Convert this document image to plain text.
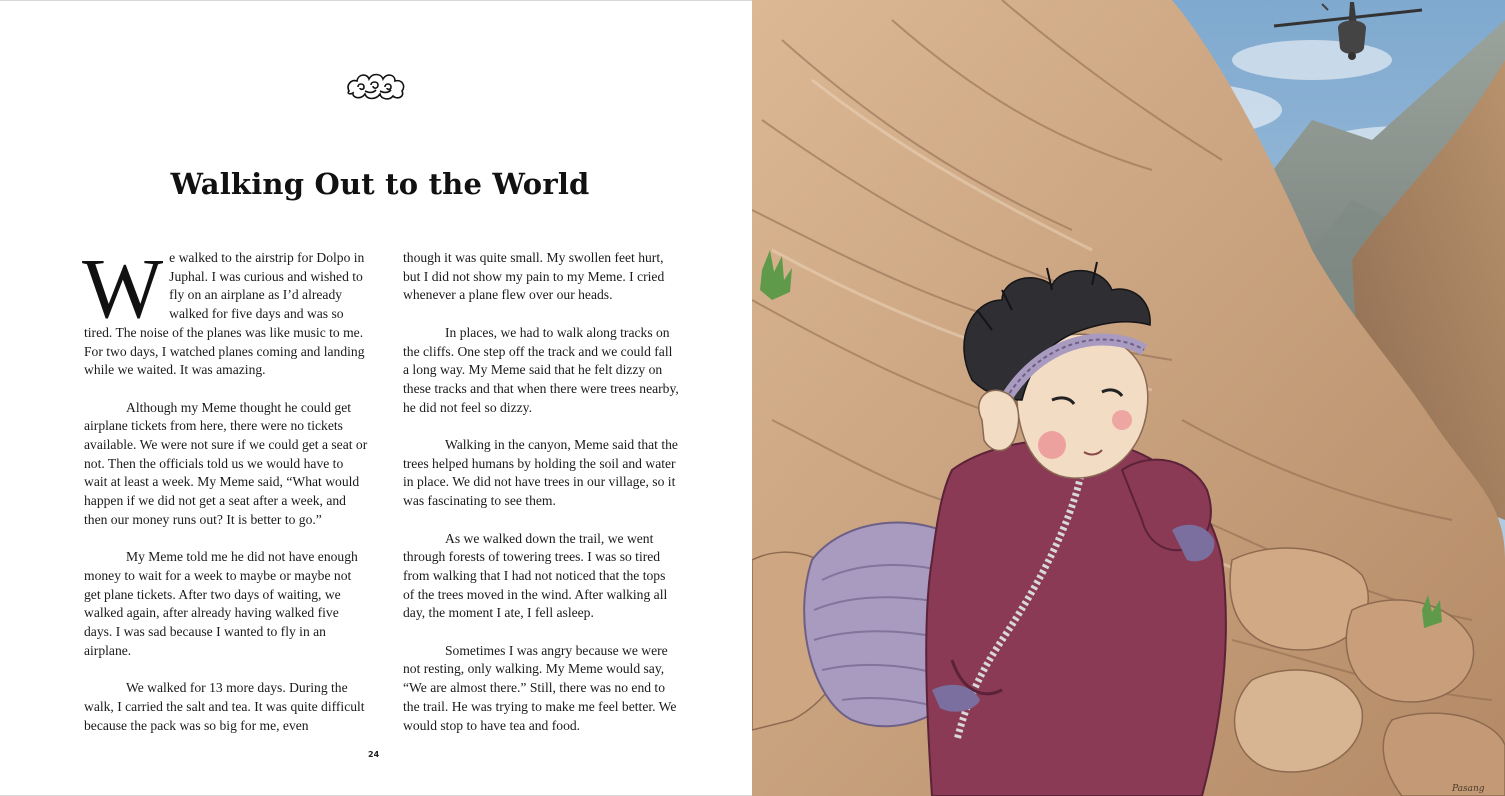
Walking Out to the World

We walked to the airstrip for Dolpo in Juphal. I was curious and wished to fly on an airplane as I’d already walked for five days and was so tired. The noise of the planes was like music to me. For two days, I watched planes coming and landing while we waited. It was amazing.

Although my Meme thought he could get airplane tickets from here, there were no tickets available. We were not sure if we could get a seat or not. Then the officials told us we would have to wait at least a week. My Meme said, “What would happen if we did not get a seat after a week, and then our money runs out? It is better to go.”

My Meme told me he did not have enough money to wait for a week to maybe or maybe not get plane tickets. After two days of waiting, we walked again, after already having walked five days. I was sad because I wanted to fly in an airplane.

We walked for 13 more days. During the walk, I carried the salt and tea. It was quite difficult because the pack was so big for me, even

though it was quite small. My swollen feet hurt, but I did not show my pain to my Meme. I cried whenever a plane flew over our heads.

In places, we had to walk along tracks on the cliffs. One step off the track and we could fall a long way. My Meme said that he felt dizzy on these tracks and that when there were trees nearby, he did not feel so dizzy.

Walking in the canyon, Meme said that the trees helped humans by holding the soil and water in place. We did not have trees in our village, so it was fascinating to see them.

As we walked down the trail, we went through forests of towering trees. I was so tired from walking that I had not noticed that the tops of the trees moved in the wind. After walking all day, the moment I ate, I fell asleep.

Sometimes I was angry because we were not resting, only walking. My Meme would say, “We are almost there.” Still, there was no end to the trail. He was trying to make me feel better. We would stop to have tea and food.

24
Pasang
